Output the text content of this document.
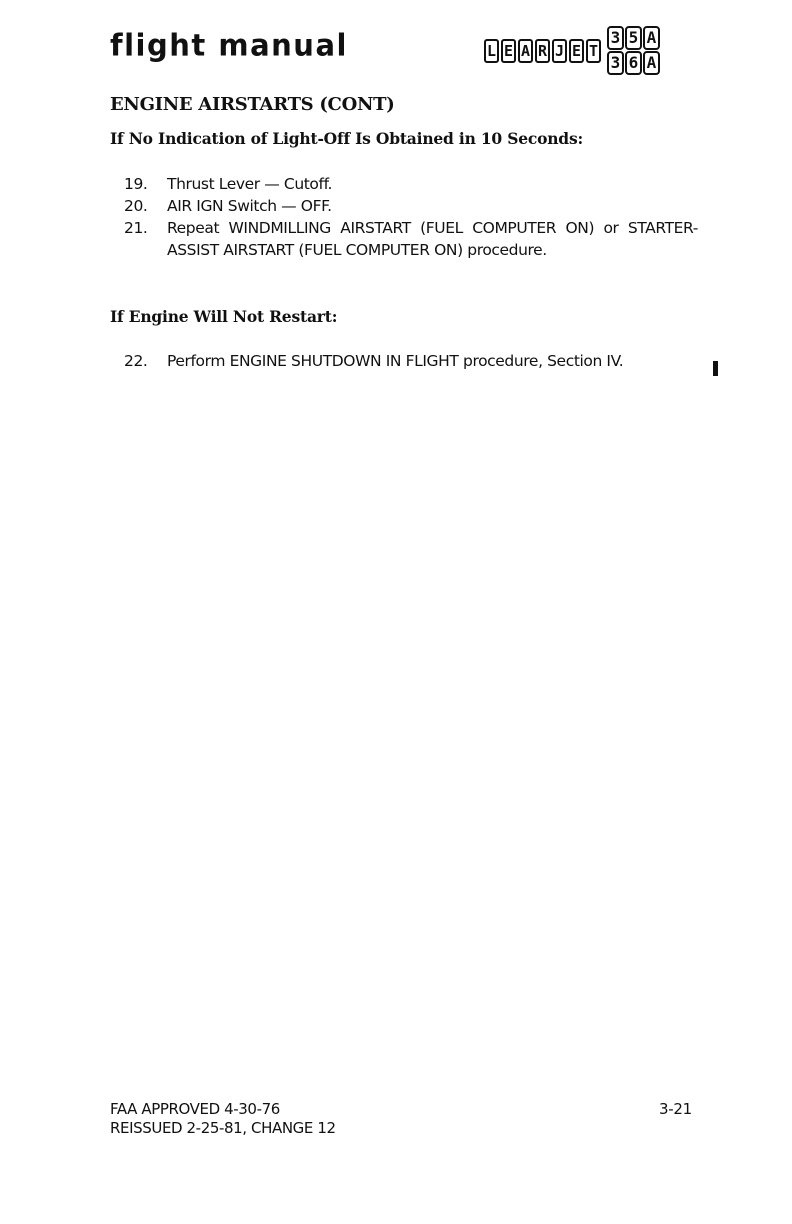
flight manual	L E A R J E T
3 5 A
3 6 A
ENGINE AIRSTARTS (CONT)
If No Indication of Light-Off Is Obtained in 10 Seconds:
19. Thrust Lever — Cutoff.
20. AIR IGN Switch — OFF.
21. Repeat WINDMILLING AIRSTART (FUEL COMPUTER ON) or STARTER-ASSIST AIRSTART (FUEL COMPUTER ON) procedure.
If Engine Will Not Restart:
22. Perform ENGINE SHUTDOWN IN FLIGHT procedure, Section IV.
FAA APPROVED 4-30-76
REISSUED 2-25-81, CHANGE 12
3-21
